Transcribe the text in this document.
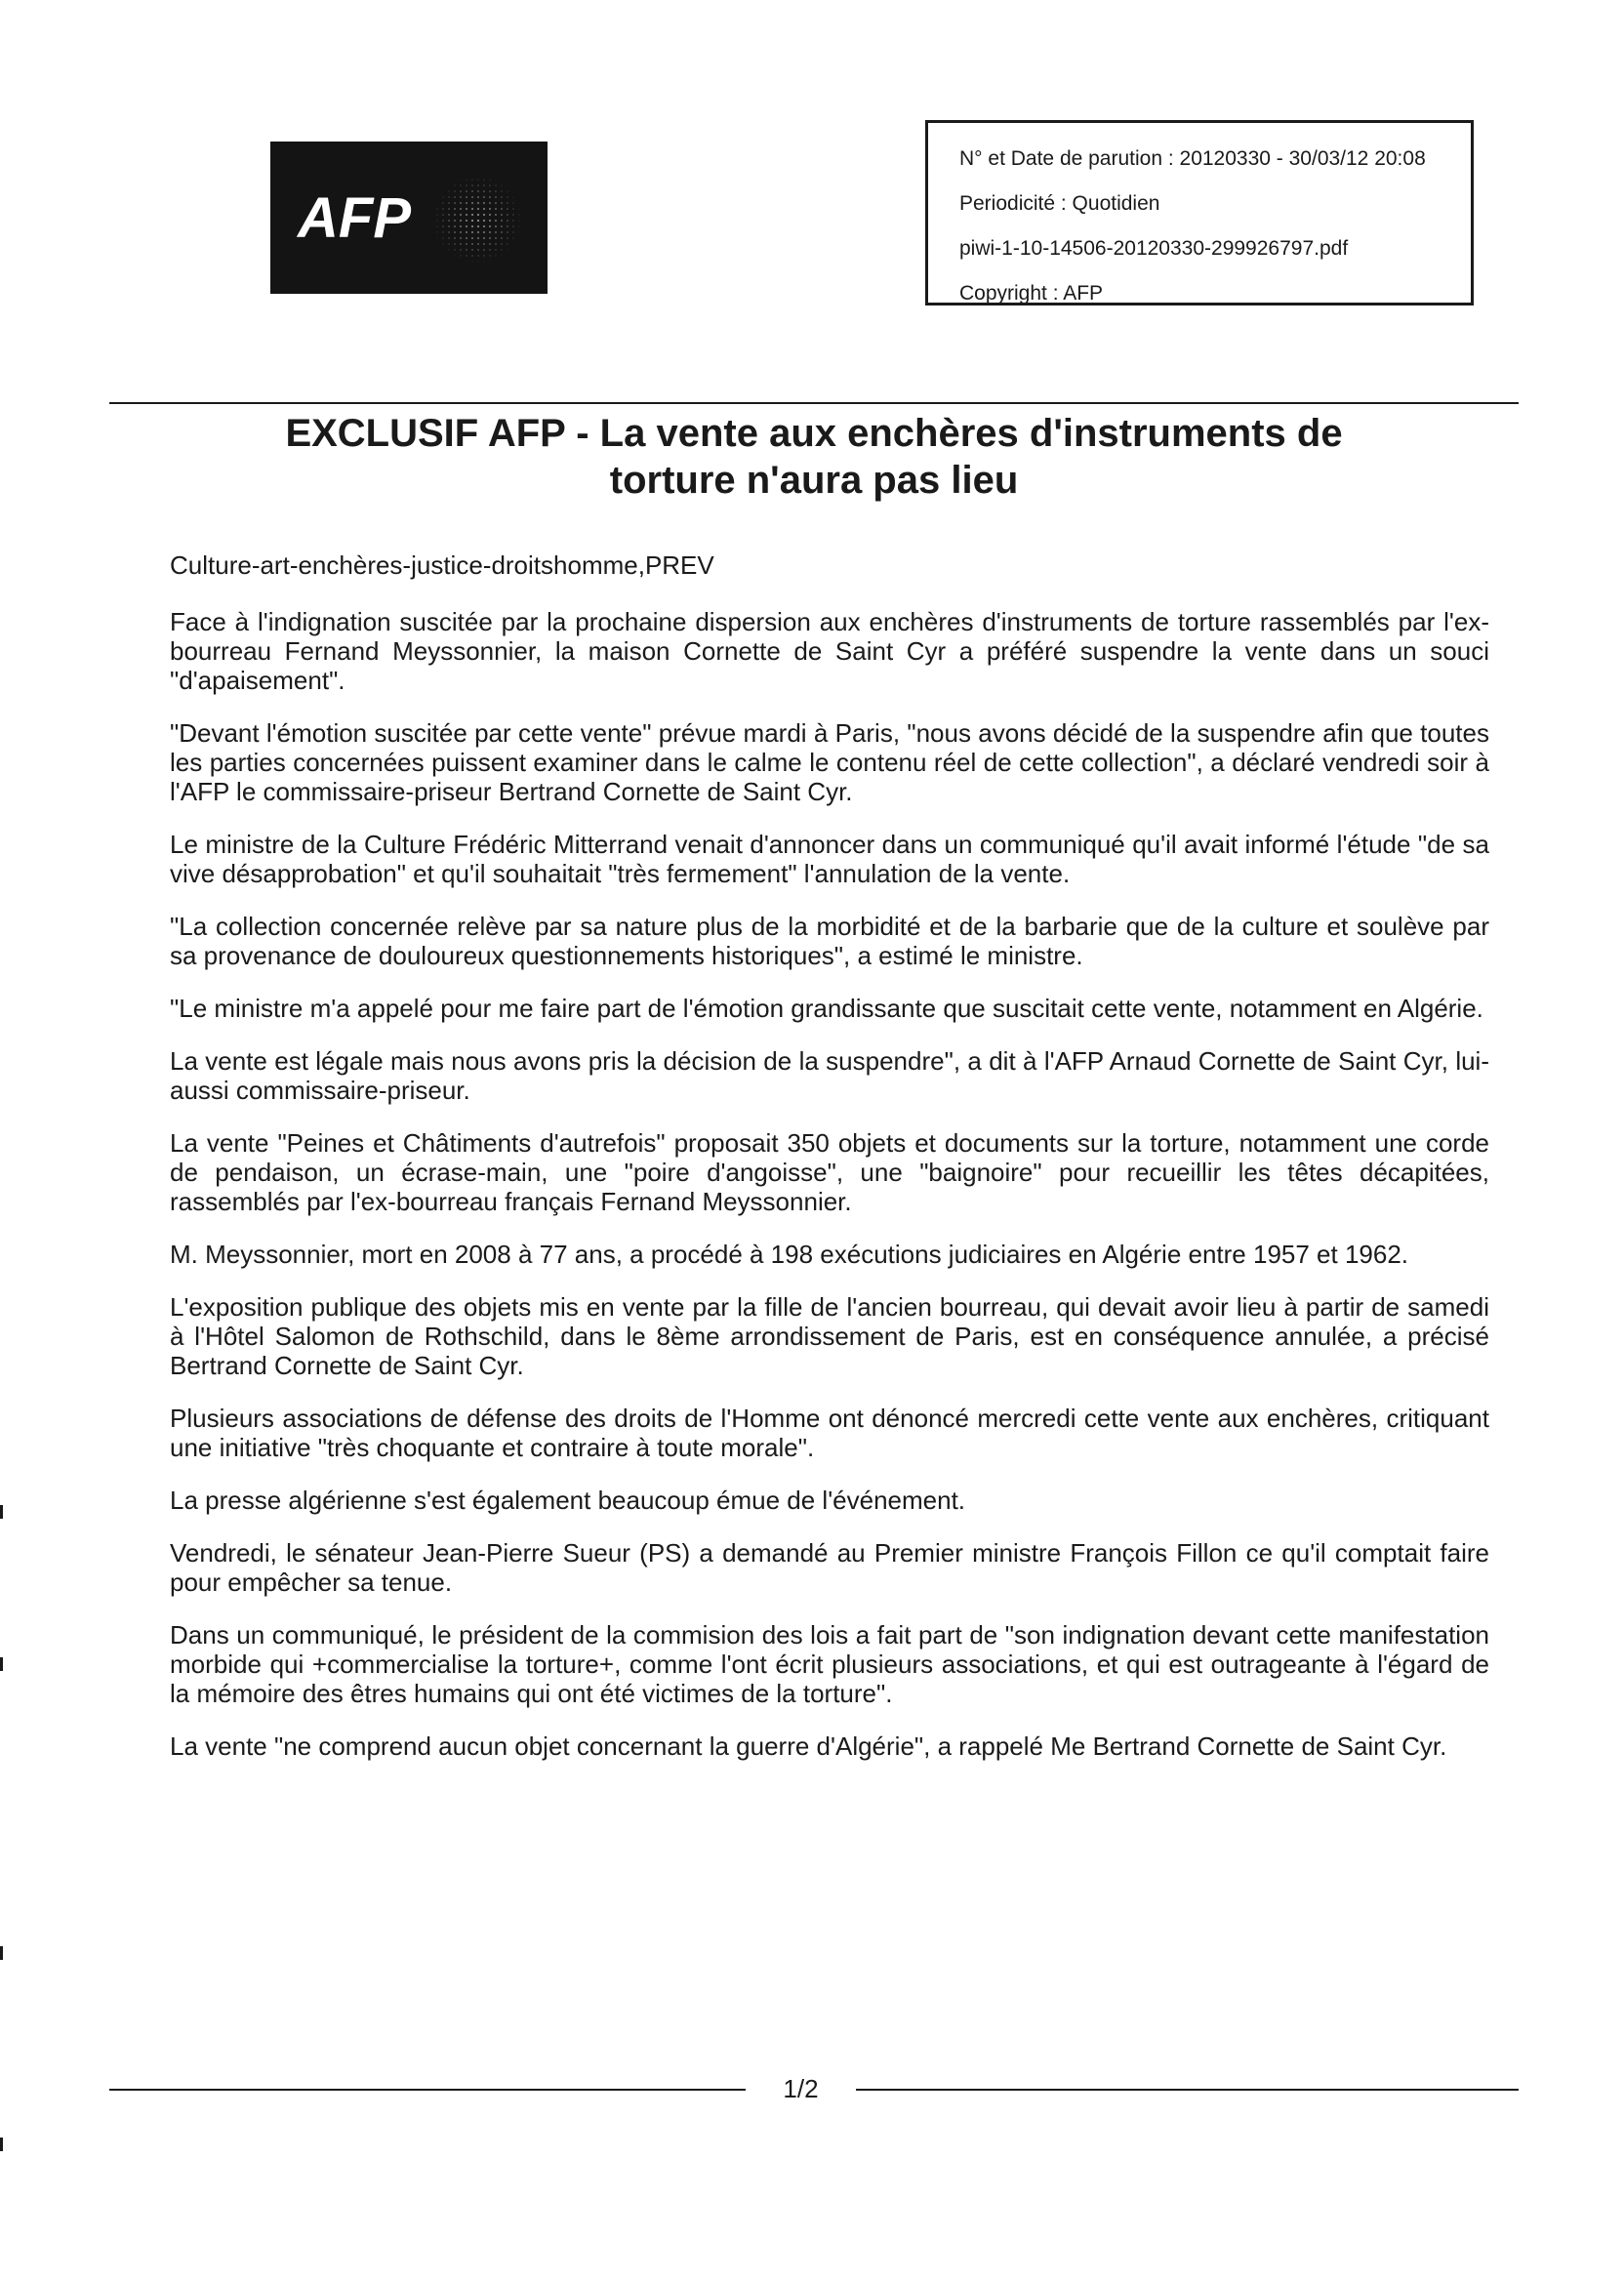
AFP
N° et Date de parution : 20120330 - 30/03/12 20:08
Periodicité : Quotidien
piwi-1-10-14506-20120330-299926797.pdf
Copyright : AFP
EXCLUSIF AFP - La vente aux enchères d'instruments de
torture n'aura pas lieu
Culture-art-enchères-justice-droitshomme,PREV

Face à l'indignation suscitée par la prochaine dispersion aux enchères d'instruments de torture rassemblés par l'ex-bourreau Fernand Meyssonnier, la maison Cornette de Saint Cyr a préféré suspendre la vente dans un souci "d'apaisement".

"Devant l'émotion suscitée par cette vente" prévue mardi à Paris, "nous avons décidé de la suspendre afin que toutes les parties concernées puissent examiner dans le calme le contenu réel de cette collection", a déclaré vendredi soir à l'AFP le commissaire-priseur Bertrand Cornette de Saint Cyr.

Le ministre de la Culture Frédéric Mitterrand venait d'annoncer dans un communiqué qu'il avait informé l'étude "de sa vive désapprobation" et qu'il souhaitait "très fermement" l'annulation de la vente.

"La collection concernée relève par sa nature plus de la morbidité et de la barbarie que de la culture et soulève par sa provenance de douloureux questionnements historiques", a estimé le ministre.

"Le ministre m'a appelé pour me faire part de l'émotion grandissante que suscitait cette vente, notamment en Algérie.

La vente est légale mais nous avons pris la décision de la suspendre", a dit à l'AFP Arnaud Cornette de Saint Cyr, lui-aussi commissaire-priseur.

La vente "Peines et Châtiments d'autrefois" proposait 350 objets et documents sur la torture, notamment une corde de pendaison, un écrase-main, une "poire d'angoisse", une "baignoire" pour recueillir les têtes décapitées, rassemblés par l'ex-bourreau français Fernand Meyssonnier.

M. Meyssonnier, mort en 2008 à 77 ans, a procédé à 198 exécutions judiciaires en Algérie entre 1957 et 1962.

L'exposition publique des objets mis en vente par la fille de l'ancien bourreau, qui devait avoir lieu à partir de samedi à l'Hôtel Salomon de Rothschild, dans le 8ème arrondissement de Paris, est en conséquence annulée, a précisé Bertrand Cornette de Saint Cyr.

Plusieurs associations de défense des droits de l'Homme ont dénoncé mercredi cette vente aux enchères, critiquant une initiative "très choquante et contraire à toute morale".

La presse algérienne s'est également beaucoup émue de l'événement.

Vendredi, le sénateur Jean-Pierre Sueur (PS) a demandé au Premier ministre François Fillon ce qu'il comptait faire pour empêcher sa tenue.

Dans un communiqué, le président de la commision des lois a fait part de "son indignation devant cette manifestation morbide qui +commercialise la torture+, comme l'ont écrit plusieurs associations, et qui est outrageante à l'égard de la mémoire des êtres humains qui ont été victimes de la torture".

La vente "ne comprend aucun objet concernant la guerre d'Algérie", a rappelé Me Bertrand Cornette de Saint Cyr.

1/2
